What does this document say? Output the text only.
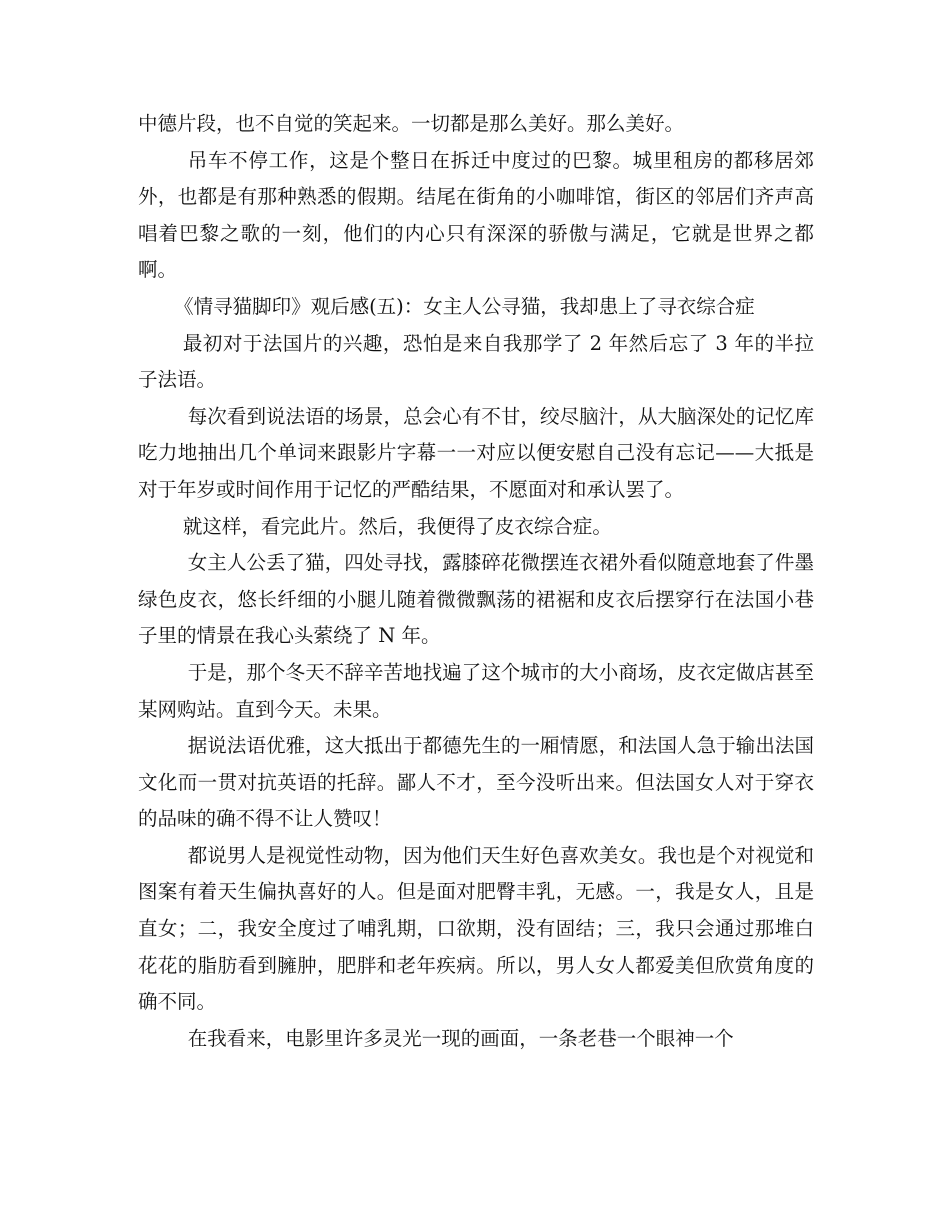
中德片段，也不自觉的笑起来。一切都是那么美好。那么美好。

吊车不停工作，这是个整日在拆迁中度过的巴黎。城里租房的都移居郊外，也都是有那种熟悉的假期。结尾在街角的小咖啡馆，街区的邻居们齐声高唱着巴黎之歌的一刻，他们的内心只有深深的骄傲与满足，它就是世界之都啊。

《情寻猫脚印》观后感(五)：女主人公寻猫，我却患上了寻衣综合症

最初对于法国片的兴趣，恐怕是来自我那学了 2 年然后忘了 3 年的半拉子法语。

每次看到说法语的场景，总会心有不甘，绞尽脑汁，从大脑深处的记忆库吃力地抽出几个单词来跟影片字幕一一对应以便安慰自己没有忘记——大抵是对于年岁或时间作用于记忆的严酷结果，不愿面对和承认罢了。

就这样，看完此片。然后，我便得了皮衣综合症。

女主人公丢了猫，四处寻找，露膝碎花微摆连衣裙外看似随意地套了件墨绿色皮衣，悠长纤细的小腿儿随着微微飘荡的裙裾和皮衣后摆穿行在法国小巷子里的情景在我心头萦绕了 N 年。

于是，那个冬天不辞辛苦地找遍了这个城市的大小商场，皮衣定做店甚至某网购站。直到今天。未果。

据说法语优雅，这大抵出于都德先生的一厢情愿，和法国人急于输出法国文化而一贯对抗英语的托辞。鄙人不才，至今没听出来。但法国女人对于穿衣的品味的确不得不让人赞叹！

都说男人是视觉性动物，因为他们天生好色喜欢美女。我也是个对视觉和图案有着天生偏执喜好的人。但是面对肥臀丰乳，无感。一，我是女人，且是直女；二，我安全度过了哺乳期，口欲期，没有固结；三，我只会通过那堆白花花的脂肪看到臃肿，肥胖和老年疾病。所以，男人女人都爱美但欣赏角度的确不同。

在我看来，电影里许多灵光一现的画面，一条老巷一个眼神一个
